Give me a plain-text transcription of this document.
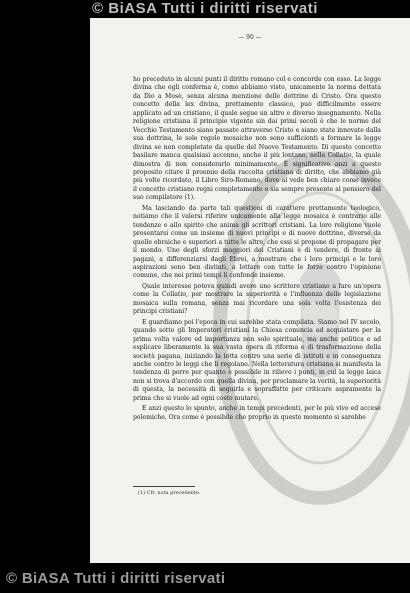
© BiASA Tutti i diritti riservati
— 90 —

ho preceduto in alcuni punti il diritto romano col e concorde con esso. La legge divina che egli conferma è, come abbiamo visto, unicamente la norma dettata da Dio a Mosè, senza alcuna menzione delle dottrine di Cristo. Ora questo concetto della lex divina, prettamente classico, può difficilmente essere applicato ad un cristiano, il quale segue un altro e diverso insegnamento. Nella religione cristiana il principio vigente sin dai primi secoli è che le norme del Vecchio Testamento siano passate attraverso Cristo e siano state innovate dalla sua dottrina, le sole regole mosaiche non sono sufficienti a formare la legge divina se non completate da quelle del Nuovo Testamento. Di questo concetto basilare manca qualsiasi accenno, anche il più lontano, nella Collatio, la quale dimostra di non considerarlo minimamente. È significativo anzi a questo proposito citare il proemio della raccolta cristiana di diritto, che abbiamo già più volte ricordato, il Libro Siro-Romano, dove al vede ben chiaro come invece il concetto cristiano regni completamente e sia sempre presente al pensiero del suo compilatore (1).

Ma lasciando da parte tali questioni di carattere prettamente teologico, notiamo che il valersi riferire unicamente alla legge mosaica è contrario alle tendenze e allo spirito che anima gli scrittori cristiani. La loro religione vuole presentarsi come un insieme di nuovi principi e di nuove dottrine, diverse da quelle ebraiche e superiori a tutte le altre, che essi si propone di propagare per il mondo. Uno degli sforzi maggiori dei Cristiani è di tendere, di fronte ai pagani, a differenziarsi dagli Ebrei, a mostrare che i loro principi e le loro aspirazioni sono ben distinti, a lottare con tutte le forze contro l'opinione comune, che nei primi tempi li confonde insieme.

Quale interesse poteva quindi avere uno scrittore cristiano a fare un'opera come la Collatio, per mostrare la superiorità e l'influenza delle legislazione mosaica sulla romana, senza mai ricordare una sola volta l'esistenza dei principi cristiani?

E guardiamo poi l'epoca in cui sarebbe stata compilata. Siamo nel IV secolo, quando sotto gli Imperatori cristiani la Chiesa comincia ad acquistare per la prima volta valore ed importanza non solo spirituale, ma anche politica e ad esplicare liberamente la sua vasta opera di riforma e di trasformazione della società pagana, iniziando la lotta contro una serie di istituti e in conseguenza anche contro le leggi che li regolano. Nella letteratura cristiana si manifesta la tendenza di porre per quanto è possibile in rilievo i punti, in cui la legge laica non si trova d'accordo con quella divina, per proclamare la verità, la superiorità di questa, la necessità di seguirla e sopraffatte per criticare aspramente la prima che si vuole ad ogni costo mutare.

E anzi questo lo spunto, anche in tempi precedenti, per le più vive ed accese polemiche. Ora come è possibile che proprio in questo momento si sarebbe

(1) Cfr. nota precedente.
© BiASA Tutti i diritti riservati
